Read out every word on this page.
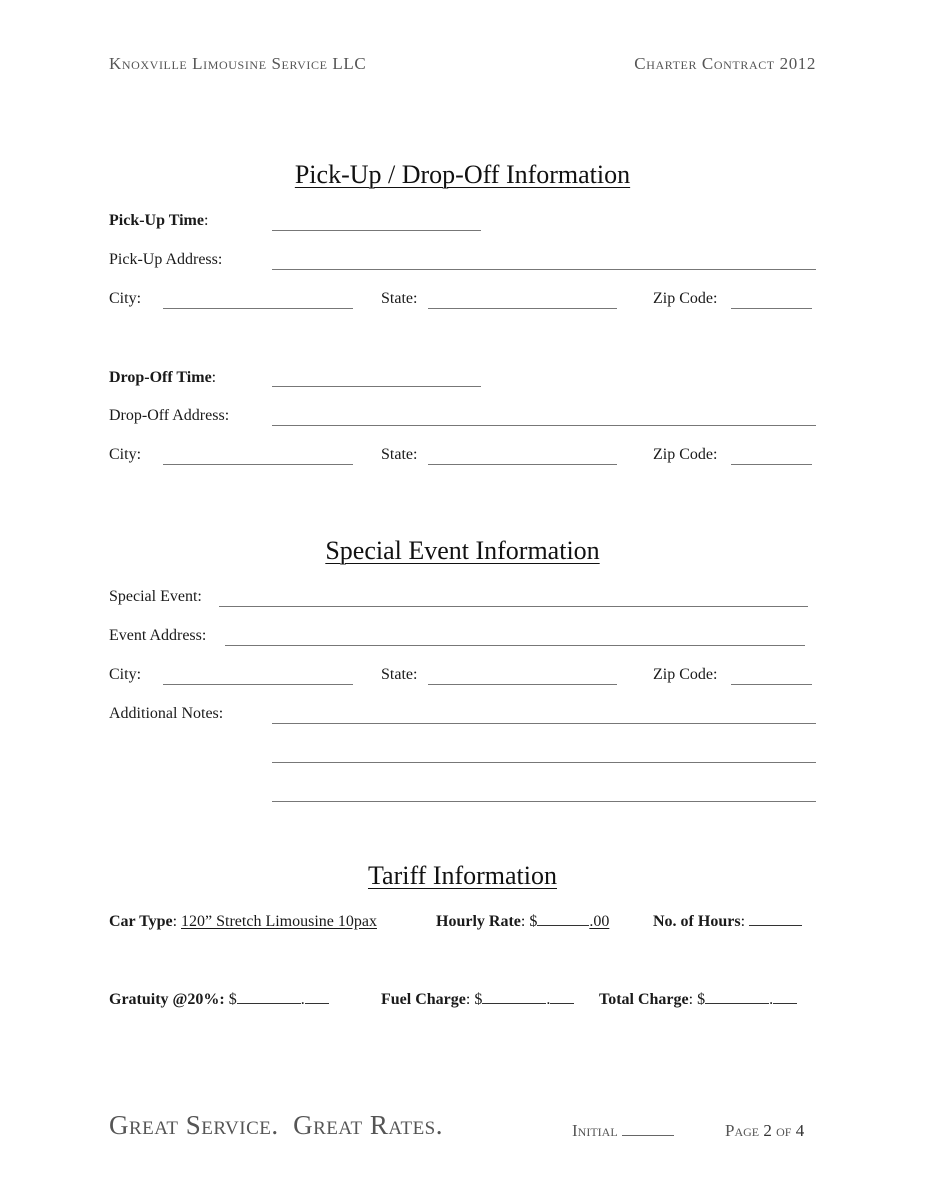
Knoxville Limousine Service LLC	Charter Contract 2012
Pick-Up / Drop-Off Information
Pick-Up Time:
Pick-Up Address:
City:	State:	Zip Code:
Drop-Off Time:
Drop-Off Address:
City:	State:	Zip Code:
Special Event Information
Special Event:
Event Address:
City:	State:	Zip Code:
Additional Notes:
Tariff Information
Car Type: 120” Stretch Limousine 10pax	Hourly Rate: $	.00	No. of Hours:
Gratuity @20%: $	.	Fuel Charge: $	.	Total Charge: $	.
Great Service.  Great Rates.	Initial	Page 2 of 4
